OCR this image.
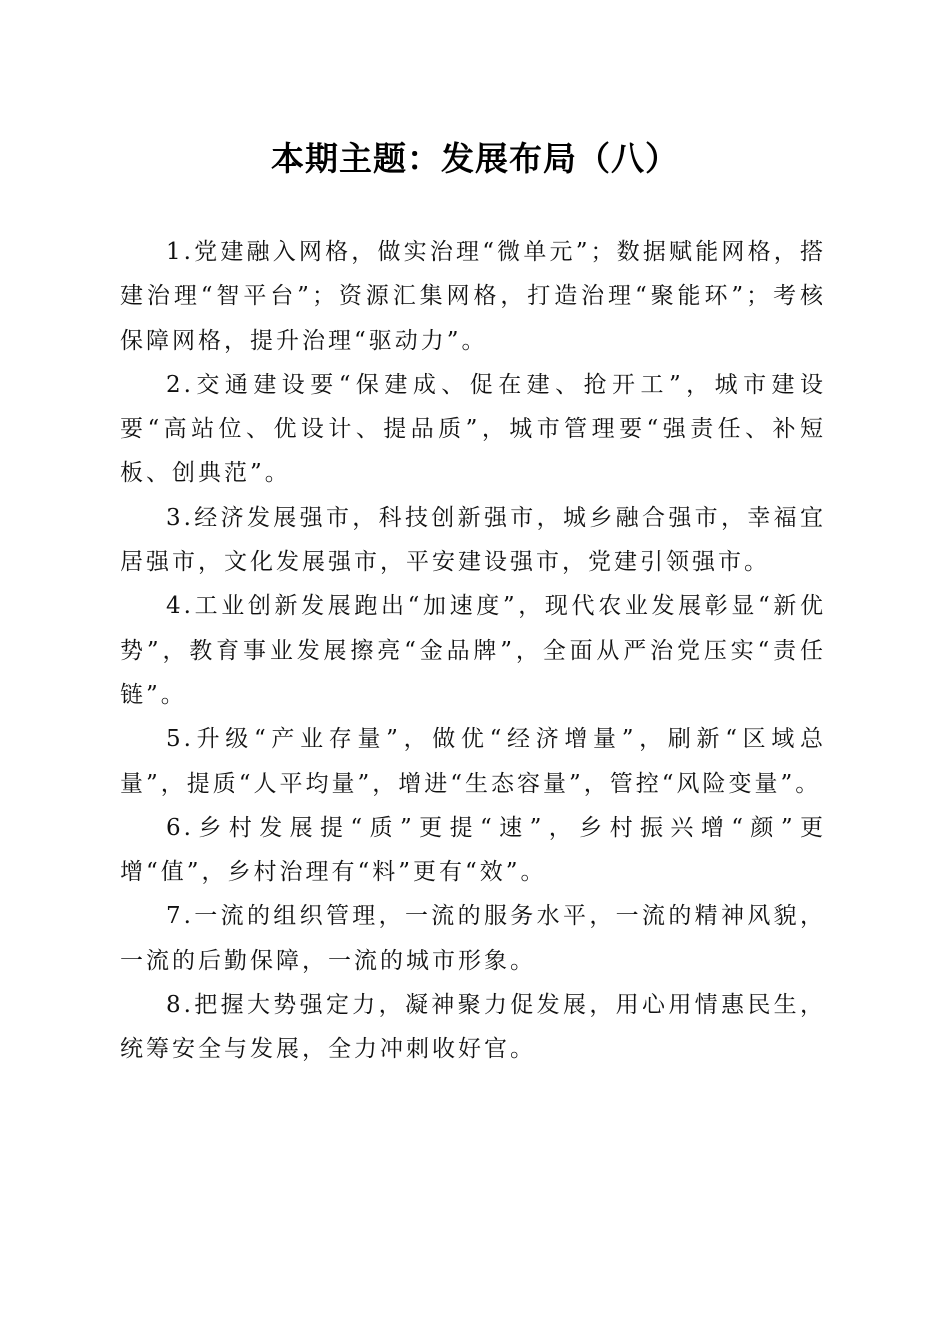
本期主题：发展布局（八）

1.党建融入网格，做实治理“微单元”；数据赋能网格，搭建治理“智平台”；资源汇集网格，打造治理“聚能环”；考核保障网格，提升治理“驱动力”。

2.交通建设要“保建成、促在建、抢开工”，城市建设要“高站位、优设计、提品质”，城市管理要“强责任、补短板、创典范”。

3.经济发展强市，科技创新强市，城乡融合强市，幸福宜居强市，文化发展强市，平安建设强市，党建引领强市。

4.工业创新发展跑出“加速度”，现代农业发展彰显“新优势”，教育事业发展擦亮“金品牌”，全面从严治党压实“责任链”。

5.升级“产业存量”，做优“经济增量”，刷新“区域总量”，提质“人平均量”，增进“生态容量”，管控“风险变量”。

6.乡村发展提“质”更提“速”，乡村振兴增“颜”更增“值”，乡村治理有“料”更有“效”。

7.一流的组织管理，一流的服务水平，一流的精神风貌，一流的后勤保障，一流的城市形象。

8.把握大势强定力，凝神聚力促发展，用心用情惠民生，统筹安全与发展，全力冲刺收好官。
